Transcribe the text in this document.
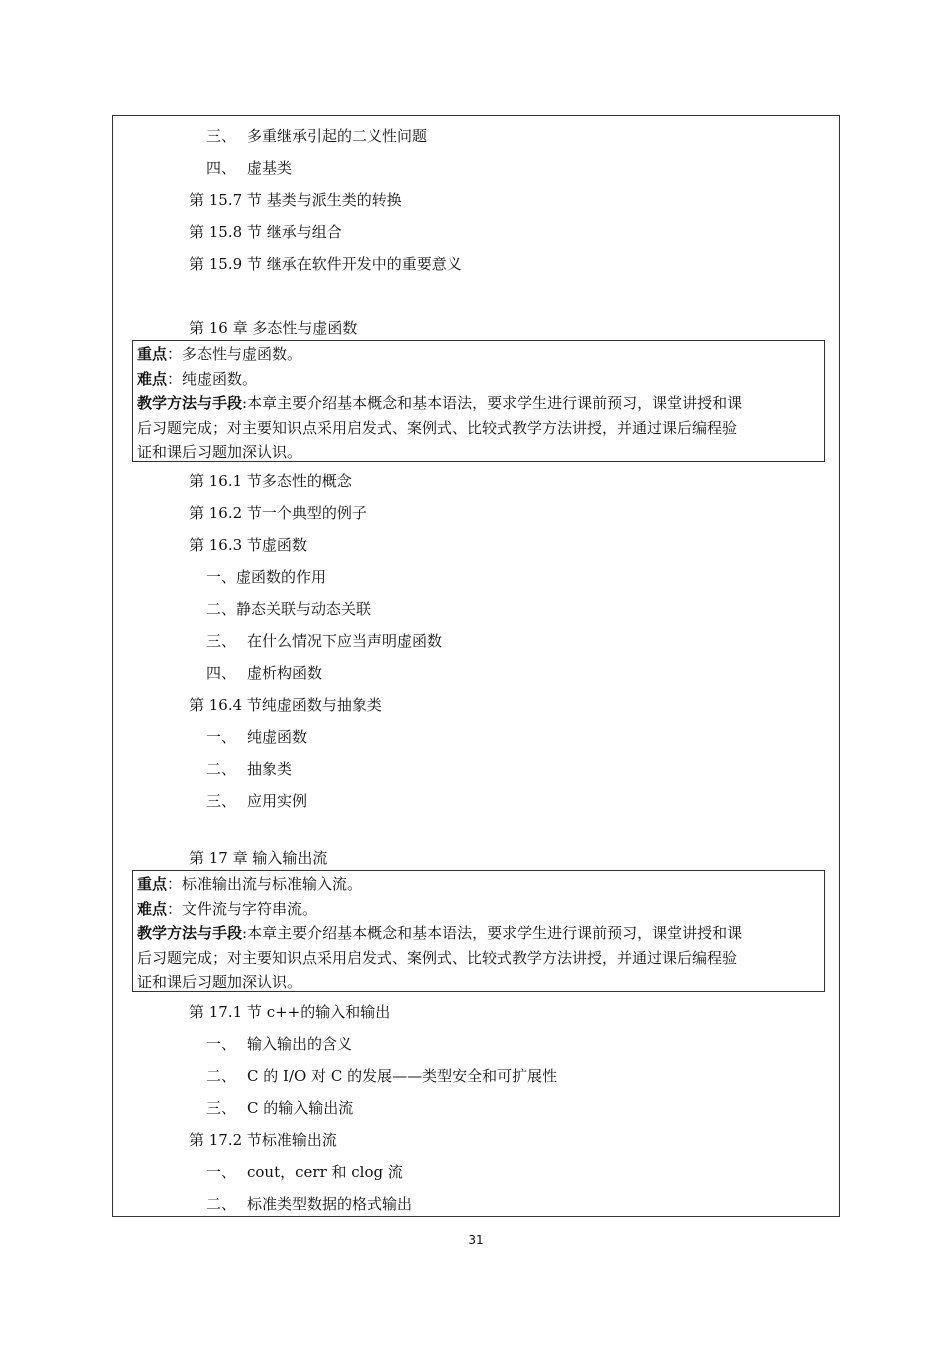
三、 多重继承引起的二义性问题
四、 虚基类
第 15.7 节 基类与派生类的转换
第 15.8 节 继承与组合
第 15.9 节 继承在软件开发中的重要意义
第 16 章 多态性与虚函数

重点：多态性与虚函数。

难点：纯虚函数。

教学方法与手段:本章主要介绍基本概念和基本语法，要求学生进行课前预习，课堂讲授和课

后习题完成；对主要知识点采用启发式、案例式、比较式教学方法讲授，并通过课后编程验

证和课后习题加深认识。

第 16.1 节多态性的概念
第 16.2 节一个典型的例子
第 16.3 节虚函数
一、虚函数的作用
二、静态关联与动态关联
三、 在什么情况下应当声明虚函数
四、 虚析构函数
第 16.4 节纯虚函数与抽象类
一、 纯虚函数
二、 抽象类
三、 应用实例
第 17 章 输入输出流

重点：标准输出流与标准输入流。

难点：文件流与字符串流。

教学方法与手段:本章主要介绍基本概念和基本语法，要求学生进行课前预习，课堂讲授和课

后习题完成；对主要知识点采用启发式、案例式、比较式教学方法讲授，并通过课后编程验

证和课后习题加深认识。

第 17.1 节 c++的输入和输出
一、 输入输出的含义
二、 C 的 I/O 对 C 的发展——类型安全和可扩展性
三、 C 的输入输出流
第 17.2 节标准输出流
一、 cout，cerr 和 clog 流
二、 标准类型数据的格式输出
31
